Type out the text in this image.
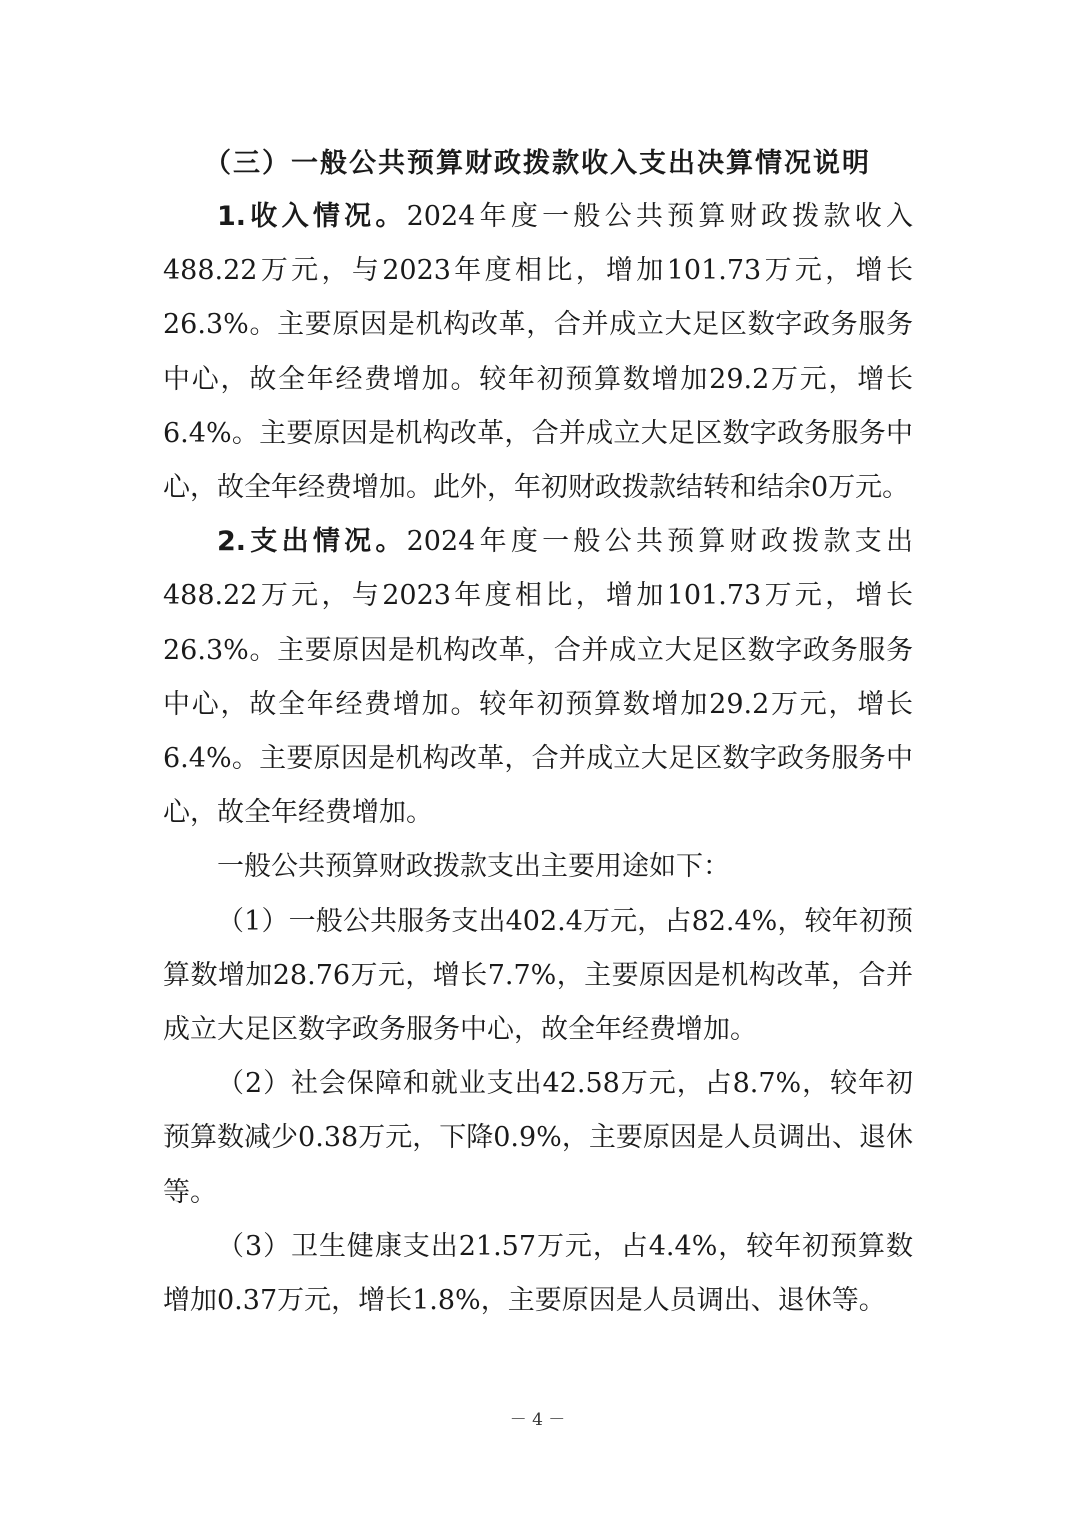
（三）一般公共预算财政拨款收入支出决算情况说明

1.收入情况。2024年度一般公共预算财政拨款收入488.22万元，与2023年度相比，增加101.73万元，增长26.3%。主要原因是机构改革，合并成立大足区数字政务服务中心，故全年经费增加。较年初预算数增加29.2万元，增长6.4%。主要原因是机构改革，合并成立大足区数字政务服务中心，故全年经费增加。此外，年初财政拨款结转和结余0万元。

2.支出情况。2024年度一般公共预算财政拨款支出488.22万元，与2023年度相比，增加101.73万元，增长26.3%。主要原因是机构改革，合并成立大足区数字政务服务中心，故全年经费增加。较年初预算数增加29.2万元，增长6.4%。主要原因是机构改革，合并成立大足区数字政务服务中心，故全年经费增加。

一般公共预算财政拨款支出主要用途如下：

（1）一般公共服务支出402.4万元，占82.4%，较年初预算数增加28.76万元，增长7.7%，主要原因是机构改革，合并成立大足区数字政务服务中心，故全年经费增加。

（2）社会保障和就业支出42.58万元，占8.7%，较年初预算数减少0.38万元，下降0.9%，主要原因是人员调出、退休等。

（3）卫生健康支出21.57万元，占4.4%，较年初预算数增加0.37万元，增长1.8%，主要原因是人员调出、退休等。

－ 4 －
